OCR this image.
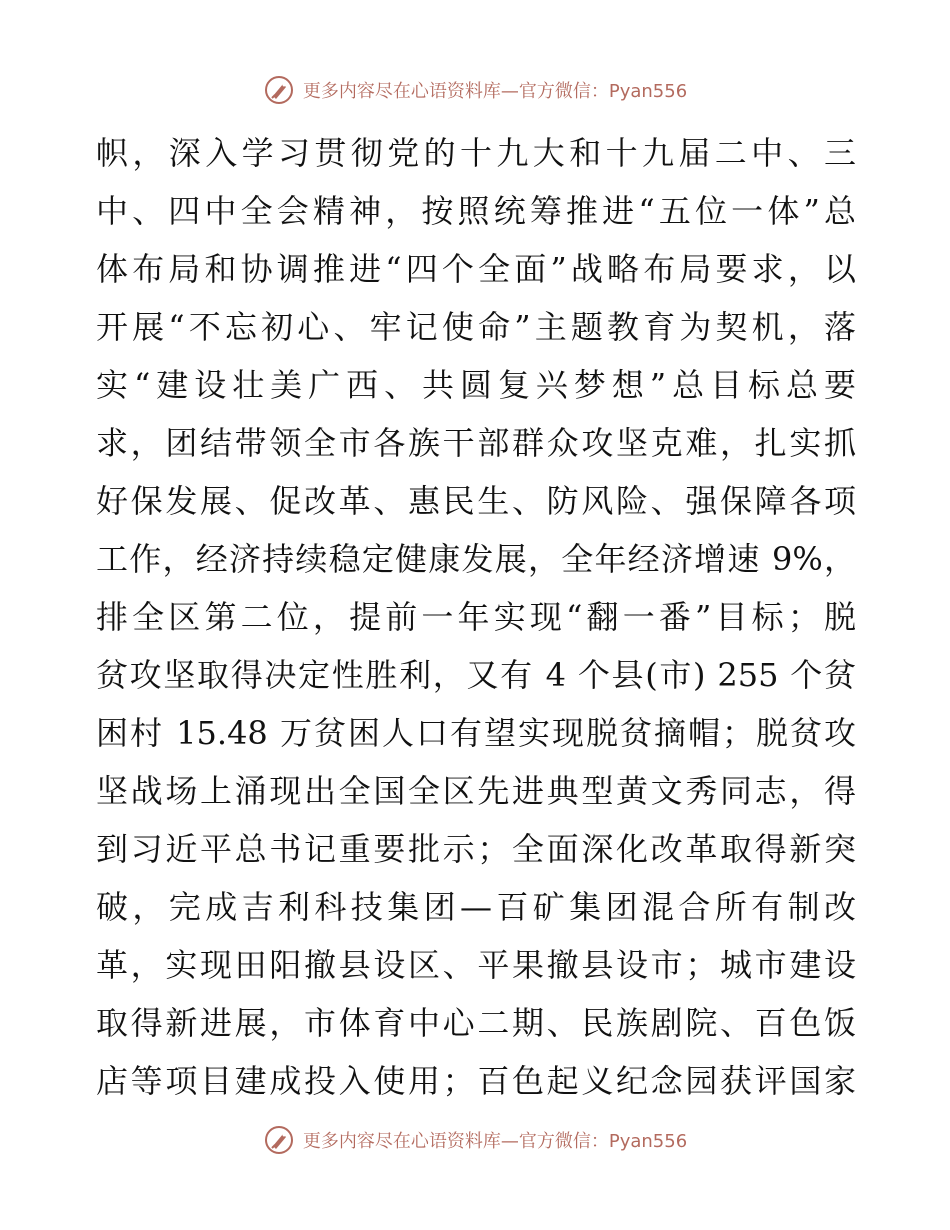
更多内容尽在心语资料库—官方微信：Pyan556
帜，深入学习贯彻党的十九大和十九届二中、三
中、四中全会精神，按照统筹推进“五位一体”总
体布局和协调推进“四个全面”战略布局要求，以
开展“不忘初心、牢记使命”主题教育为契机，落
实“建设壮美广西、共圆复兴梦想”总目标总要
求，团结带领全市各族干部群众攻坚克难，扎实抓
好保发展、促改革、惠民生、防风险、强保障各项
工作，经济持续稳定健康发展，全年经济增速 9%，
排全区第二位，提前一年实现“翻一番”目标；脱
贫攻坚取得决定性胜利，又有 4 个县(市) 255 个贫
困村 15.48 万贫困人口有望实现脱贫摘帽；脱贫攻
坚战场上涌现出全国全区先进典型黄文秀同志，得
到习近平总书记重要批示；全面深化改革取得新突
破，完成吉利科技集团—百矿集团混合所有制改
革，实现田阳撤县设区、平果撤县设市；城市建设
取得新进展，市体育中心二期、民族剧院、百色饭
店等项目建成投入使用；百色起义纪念园获评国家
更多内容尽在心语资料库—官方微信：Pyan556
